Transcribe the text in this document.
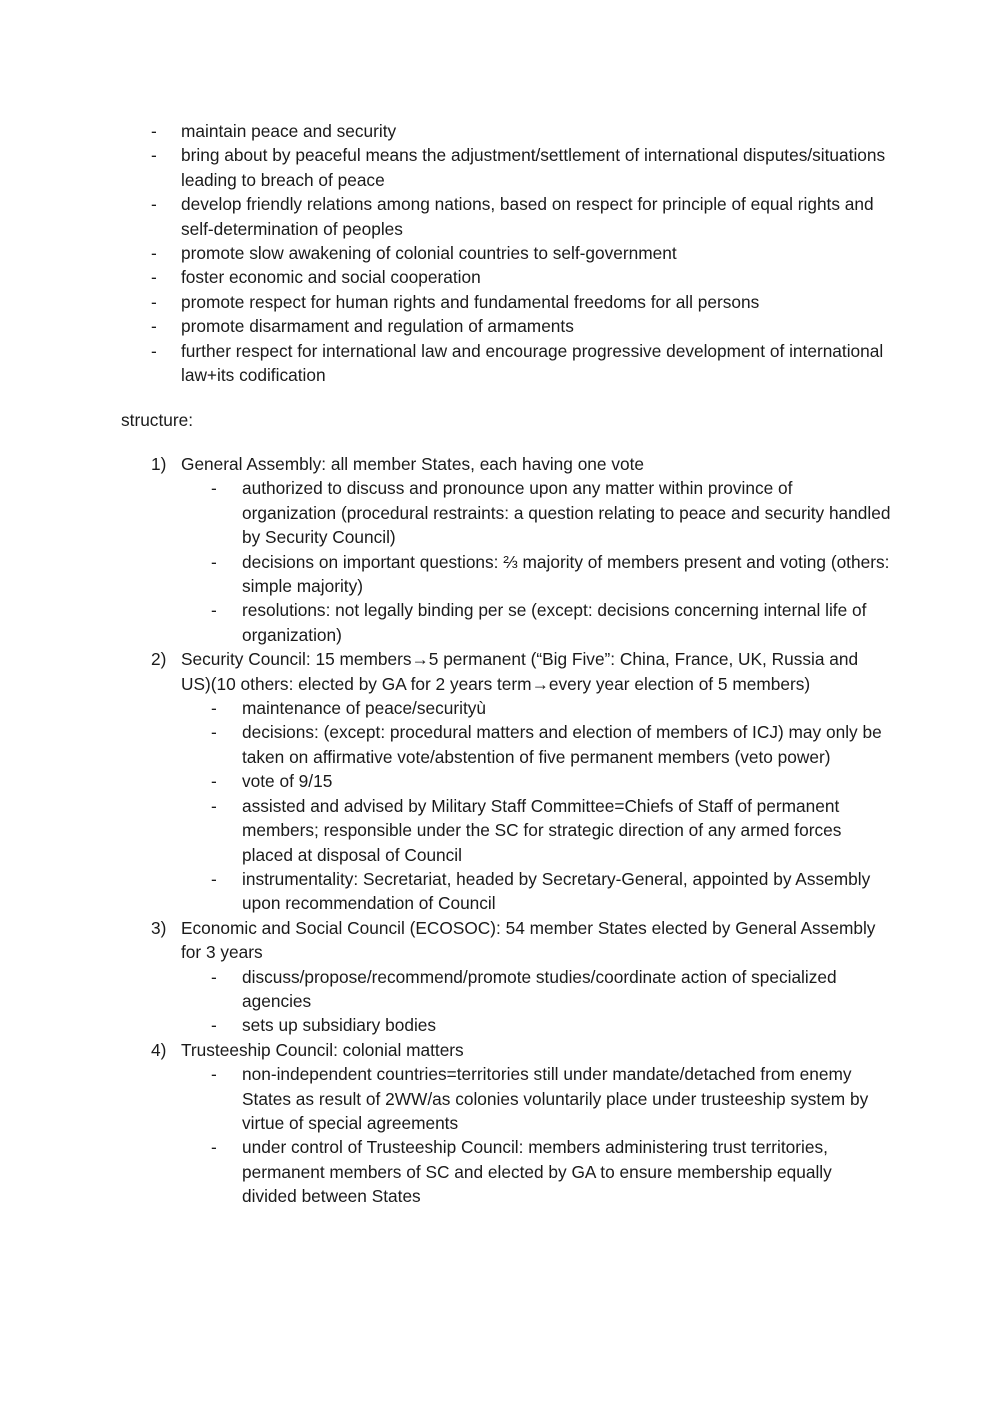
- maintain peace and security
- bring about by peaceful means the adjustment/settlement of international disputes/situations leading to breach of peace
- develop friendly relations among nations, based on respect for principle of equal rights and self-determination of peoples
- promote slow awakening of colonial countries to self-government
- foster economic and social cooperation
- promote respect for human rights and fundamental freedoms for all persons
- promote disarmament and regulation of armaments
- further respect for international law and encourage progressive development of international law+its codification
structure:
1) General Assembly: all member States, each having one vote
- authorized to discuss and pronounce upon any matter within province of organization (procedural restraints: a question relating to peace and security handled by Security Council)
- decisions on important questions: ⅔ majority of members present and voting (others: simple majority)
- resolutions: not legally binding per se (except: decisions concerning internal life of organization)
2) Security Council: 15 members→5 permanent (“Big Five”: China, France, UK, Russia and US)(10 others: elected by GA for 2 years term→every year election of 5 members)
- maintenance of peace/securityù
- decisions: (except: procedural matters and election of members of ICJ) may only be taken on affirmative vote/abstention of five permanent members (veto power)
- vote of 9/15
- assisted and advised by Military Staff Committee=Chiefs of Staff of permanent members; responsible under the SC for strategic direction of any armed forces placed at disposal of Council
- instrumentality: Secretariat, headed by Secretary-General, appointed by Assembly upon recommendation of Council
3) Economic and Social Council (ECOSOC): 54 member States elected by General Assembly for 3 years
- discuss/propose/recommend/promote studies/coordinate action of specialized agencies
- sets up subsidiary bodies
4) Trusteeship Council: colonial matters
- non-independent countries=territories still under mandate/detached from enemy States as result of 2WW/as colonies voluntarily place under trusteeship system by virtue of special agreements
- under control of Trusteeship Council: members administering trust territories, permanent members of SC and elected by GA to ensure membership equally divided between States
